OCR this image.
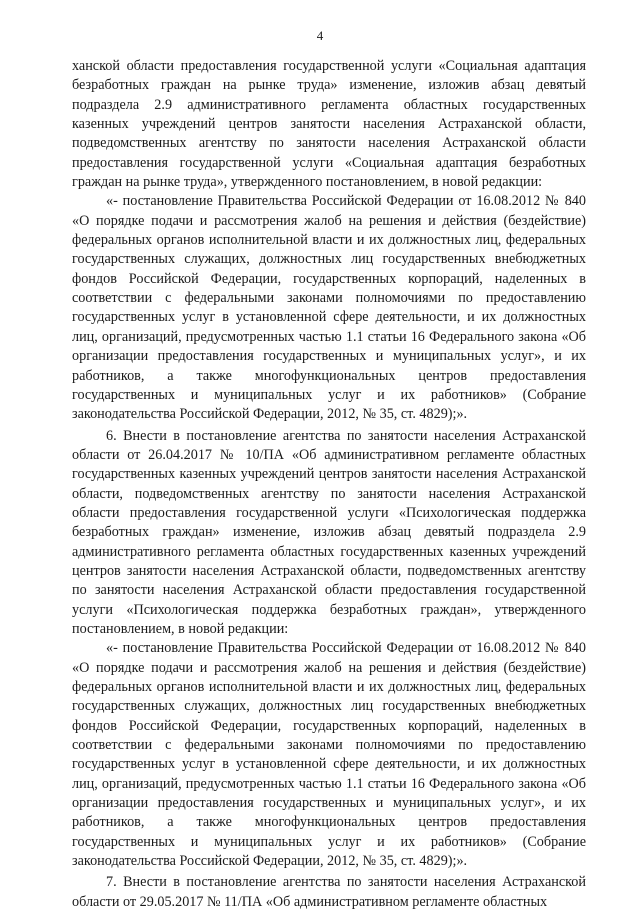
4

ханской области предоставления государственной услуги «Социальная адаптация безработных граждан на рынке труда» изменение, изложив абзац девятый подраздела 2.9 административного регламента областных государственных казенных учреждений центров занятости населения Астраханской области, подведомственных агентству по занятости населения Астраханской области предоставления государственной услуги «Социальная адаптация безработных граждан на рынке труда», утвержденного постановлением, в новой редакции:

«- постановление Правительства Российской Федерации от 16.08.2012 № 840 «О порядке подачи и рассмотрения жалоб на решения и действия (бездействие) федеральных органов исполнительной власти и их должностных лиц, федеральных государственных служащих, должностных лиц государственных внебюджетных фондов Российской Федерации, государственных корпораций, наделенных в соответствии с федеральными законами полномочиями по предоставлению государственных услуг в установленной сфере деятельности, и их должностных лиц, организаций, предусмотренных частью 1.1 статьи 16 Федерального закона «Об организации предоставления государственных и муниципальных услуг», и их работников, а также многофункциональных центров предоставления государственных и муниципальных услуг и их работников» (Собрание законодательства Российской Федерации, 2012, № 35, ст. 4829);».

6. Внести в постановление агентства по занятости населения Астраханской области от 26.04.2017 № 10/ПА «Об административном регламенте областных государственных казенных учреждений центров занятости населения Астраханской области, подведомственных агентству по занятости населения Астраханской области предоставления государственной услуги «Психологическая поддержка безработных граждан» изменение, изложив абзац девятый подраздела 2.9 административного регламента областных государственных казенных учреждений центров занятости населения Астраханской области, подведомственных агентству по занятости населения Астраханской области предоставления государственной услуги «Психологическая поддержка безработных граждан», утвержденного постановлением, в новой редакции:

«- постановление Правительства Российской Федерации от 16.08.2012 № 840 «О порядке подачи и рассмотрения жалоб на решения и действия (бездействие) федеральных органов исполнительной власти и их должностных лиц, федеральных государственных служащих, должностных лиц государственных внебюджетных фондов Российской Федерации, государственных корпораций, наделенных в соответствии с федеральными законами полномочиями по предоставлению государственных услуг в установленной сфере деятельности, и их должностных лиц, организаций, предусмотренных частью 1.1 статьи 16 Федерального закона «Об организации предоставления государственных и муниципальных услуг», и их работников, а также многофункциональных центров предоставления государственных и муниципальных услуг и их работников» (Собрание законодательства Российской Федерации, 2012, № 35, ст. 4829);».

7. Внести в постановление агентства по занятости населения Астраханской области от 29.05.2017 № 11/ПА «Об административном регламенте областных
